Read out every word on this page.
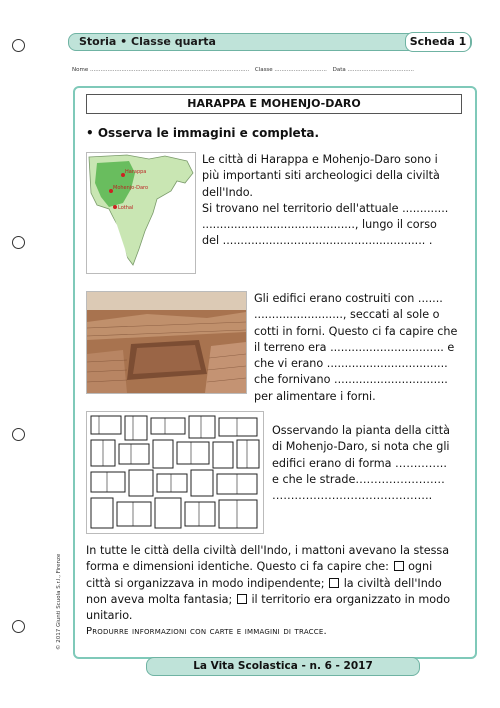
Storia • Classe quarta	Scheda 1
Nome ........................................................................................... Classe .............................. Data ......................................
HARAPPA E MOHENJO-DARO
• Osserva le immagini e completa.
Harappa
Mohenjo-Daro
Lothal
Le città di Harappa e Mohenjo-Daro sono i
più importanti siti archeologici della civiltà
dell'Indo.
Si trovano nel territorio dell'attuale .............
..........................................., lungo il corso
del ......................................................... .
Gli edifici erano costruiti con .......
........................., seccati al sole o
cotti in forni. Questo ci fa capire che
il terreno era ................................ e
che vi erano ..................................
che fornivano ................................
per alimentare i forni.
Osservando la pianta della città
di Mohenjo-Daro, si nota che gli
edifici erano di forma …………..
e che le strade……………………
…………………………………….
In tutte le città della civiltà dell'Indo, i mattoni avevano la stessa
forma e dimensioni identiche. Questo ci fa capire che: ogni
città si organizzava in modo indipendente; la civiltà dell'Indo
non aveva molta fantasia; il territorio era organizzato in modo
unitario.
Produrre informazioni con carte e immagini di tracce.
© 2017 Giunti Scuola S.r.l., Firenze
La Vita Scolastica - n. 6 - 2017
